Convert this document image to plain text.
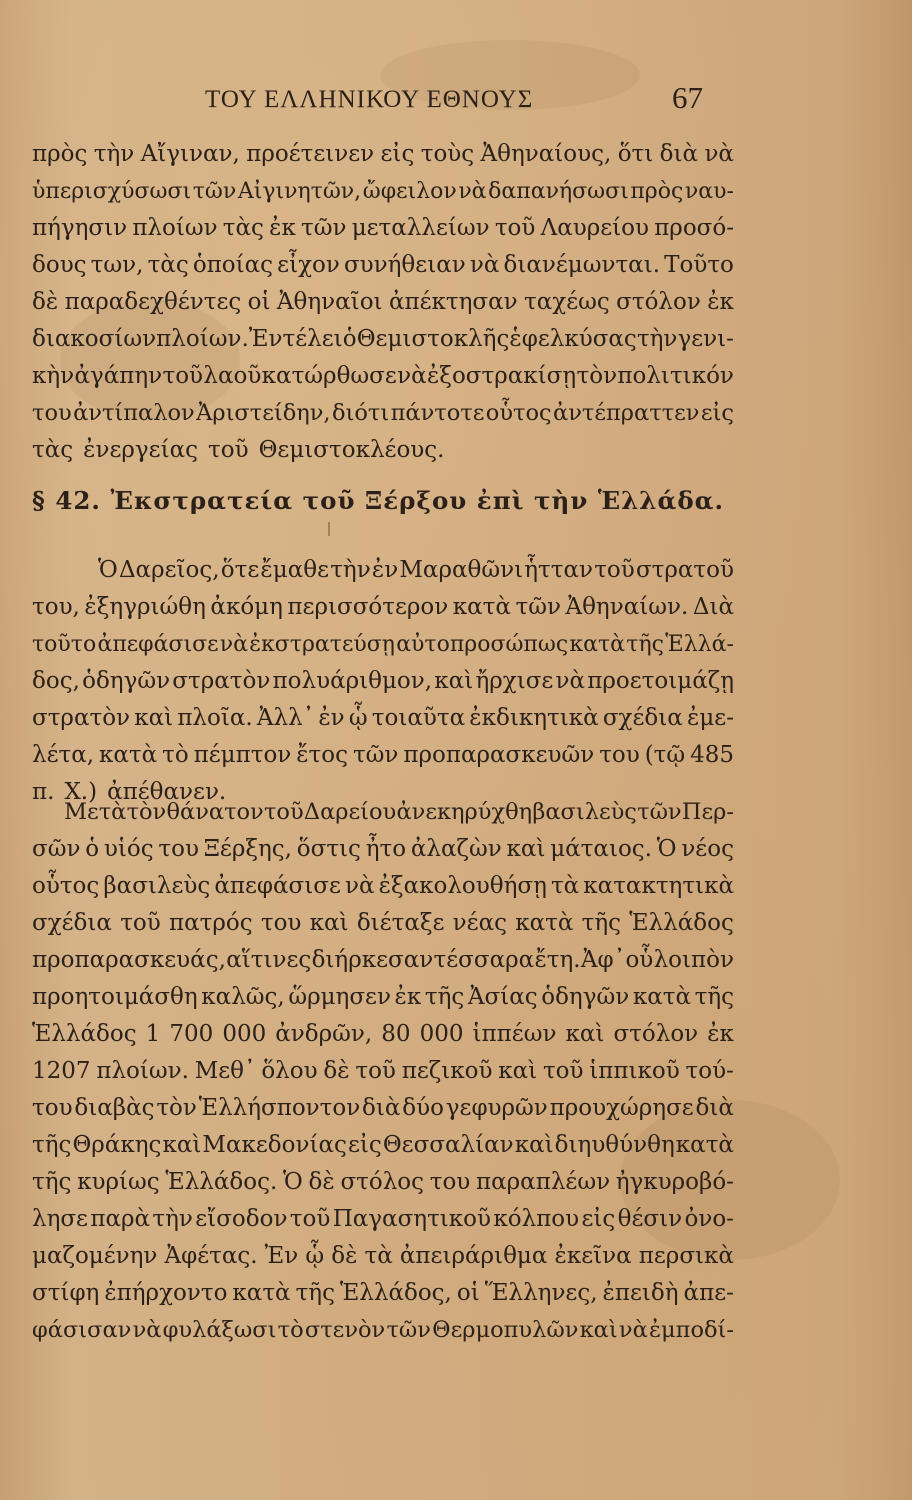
ΤΟΥ ΕΛΛΗΝΙΚΟΥ ΕΘΝΟΥΣ	67
πρὸς τὴν Αἴγιναν, προέτεινεν εἰς τοὺς Ἀθηναίους, ὅτι διὰ νὰ
ὑπερισχύσωσι τῶν Αἰγινητῶν, ὤφειλον νὰ δαπανήσωσι πρὸς ναυ-
πήγησιν πλοίων τὰς ἐκ τῶν μεταλλείων τοῦ Λαυρείου προσό-
δους των, τὰς ὁποίας εἶχον συνήθειαν νὰ διανέμωνται. Τοῦτο
δὲ παραδεχθέντες οἱ Ἀθηναῖοι ἀπέκτησαν ταχέως στόλον ἐκ
διακοσίων πλοίων. Ἐν τέλει ὁ Θεμιστοκλῆς ἑφελκύσας τὴν γενι-
κὴν ἀγάπην τοῦ λαοῦ κατώρθωσε νὰ ἐξοστρακίσῃ τὸν πολιτικόν
του ἀντίπαλον Ἀριστείδην, διότι πάντοτε οὗτος ἀντέπραττεν εἰς
τὰς ἐνεργείας τοῦ Θεμιστοκλέους.
§ 42. Ἐκστρατεία τοῦ Ξέρξου ἐπὶ τὴν Ἑλλάδα.
Ὁ Δαρεῖος, ὅτε ἔμαθε τὴν ἐν Μαραθῶνι ἧτταν τοῦ στρατοῦ
του, ἐξηγριώθη ἀκόμη περισσότερον κατὰ τῶν Ἀθηναίων. Διὰ
τοῦτο ἀπεφάσισε νὰ ἐκστρατεύσῃ αὐτοπροσώπως κατὰ τῆς Ἑλλά-
δος, ὁδηγῶν στρατὸν πολυάριθμον, καὶ ἤρχισε νὰ προετοιμάζῃ
στρατὸν καὶ πλοῖα. Ἀλλ᾽ ἐν ᾧ τοιαῦτα ἐκδικητικὰ σχέδια ἐμε-
λέτα, κατὰ τὸ πέμπτον ἔτος τῶν προπαρασκευῶν του (τῷ 485
π. Χ.) ἀπέθανεν.
Μετὰ τὸν θάνατον τοῦ Δαρείου ἀνεκηρύχθη βασιλεὺς τῶν Περ-
σῶν ὁ υἱός του Ξέρξης, ὅστις ἦτο ἀλαζὼν καὶ μάταιος. Ὁ νέος
οὗτος βασιλεὺς ἀπεφάσισε νὰ ἐξακολουθήσῃ τὰ κατακτητικὰ
σχέδια τοῦ πατρός του καὶ διέταξε νέας κατὰ τῆς Ἑλλάδος
προπαρασκευάς, αἵτινες διήρκεσαν τέσσαρα ἔτη. Ἀφ᾽ οὗ λοιπὸν
προητοιμάσθη καλῶς, ὥρμησεν ἐκ τῆς Ἀσίας ὁδηγῶν κατὰ τῆς
Ἑλλάδος 1 700 000 ἀνδρῶν, 80 000 ἱππέων καὶ στόλον ἐκ
1207 πλοίων. Μεθ᾽ ὅλου δὲ τοῦ πεζικοῦ καὶ τοῦ ἱππικοῦ τού-
του διαβὰς τὸν Ἑλλήσποντον διὰ δύο γεφυρῶν προυχώρησε διὰ
τῆς Θράκης καὶ Μακεδονίας εἰς Θεσσαλίαν καὶ διηυθύνθη κατὰ
τῆς κυρίως Ἑλλάδος. Ὁ δὲ στόλος του παραπλέων ἠγκυροβό-
λησε παρὰ τὴν εἴσοδον τοῦ Παγασητικοῦ κόλπου εἰς θέσιν ὀνο-
μαζομένην Ἀφέτας. Ἐν ᾧ δὲ τὰ ἀπειράριθμα ἐκεῖνα περσικὰ
στίφη ἐπήρχοντο κατὰ τῆς Ἑλλάδος, οἱ Ἕλληνες, ἐπειδὴ ἀπε-
φάσισαν νὰ φυλάξωσι τὸ στενὸν τῶν Θερμοπυλῶν καὶ νὰ ἐμποδί-
